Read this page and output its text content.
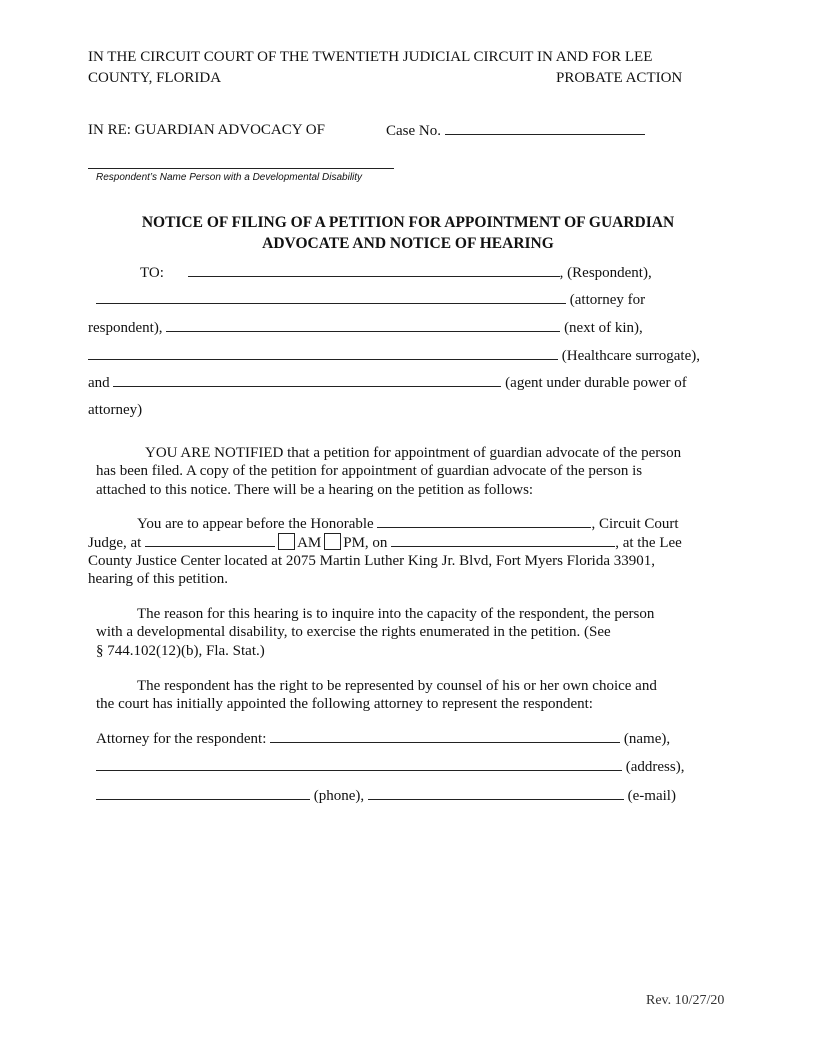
IN THE CIRCUIT COURT OF THE TWENTIETH JUDICIAL CIRCUIT IN AND FOR LEE
COUNTY, FLORIDA	PROBATE ACTION
IN RE: GUARDIAN ADVOCACY OF	Case No.
Respondent’s Name Person with a Developmental Disability
NOTICE OF FILING OF A PETITION FOR APPOINTMENT OF GUARDIAN
ADVOCATE AND NOTICE OF HEARING
TO:	, (Respondent),
(attorney for
respondent),	(next of kin),
(Healthcare surrogate),
and	(agent under durable power of
attorney)
YOU ARE NOTIFIED that a petition for appointment of guardian advocate of the person
has been filed. A copy of the petition for appointment of guardian advocate of the person is
attached to this notice. There will be a hearing on the petition as follows:
You are to appear before the Honorable	, Circuit Court
Judge, at	AM PM, on	, at the Lee
County Justice Center located at 2075 Martin Luther King Jr. Blvd, Fort Myers Florida 33901,
hearing of this petition.
The reason for this hearing is to inquire into the capacity of the respondent, the person
with a developmental disability, to exercise the rights enumerated in the petition. (See
§ 744.102(12)(b), Fla. Stat.)
The respondent has the right to be represented by counsel of his or her own choice and
the court has initially appointed the following attorney to represent the respondent:
Attorney for the respondent:	(name),
(address),
(phone),	(e-mail)
Rev. 10/27/20
